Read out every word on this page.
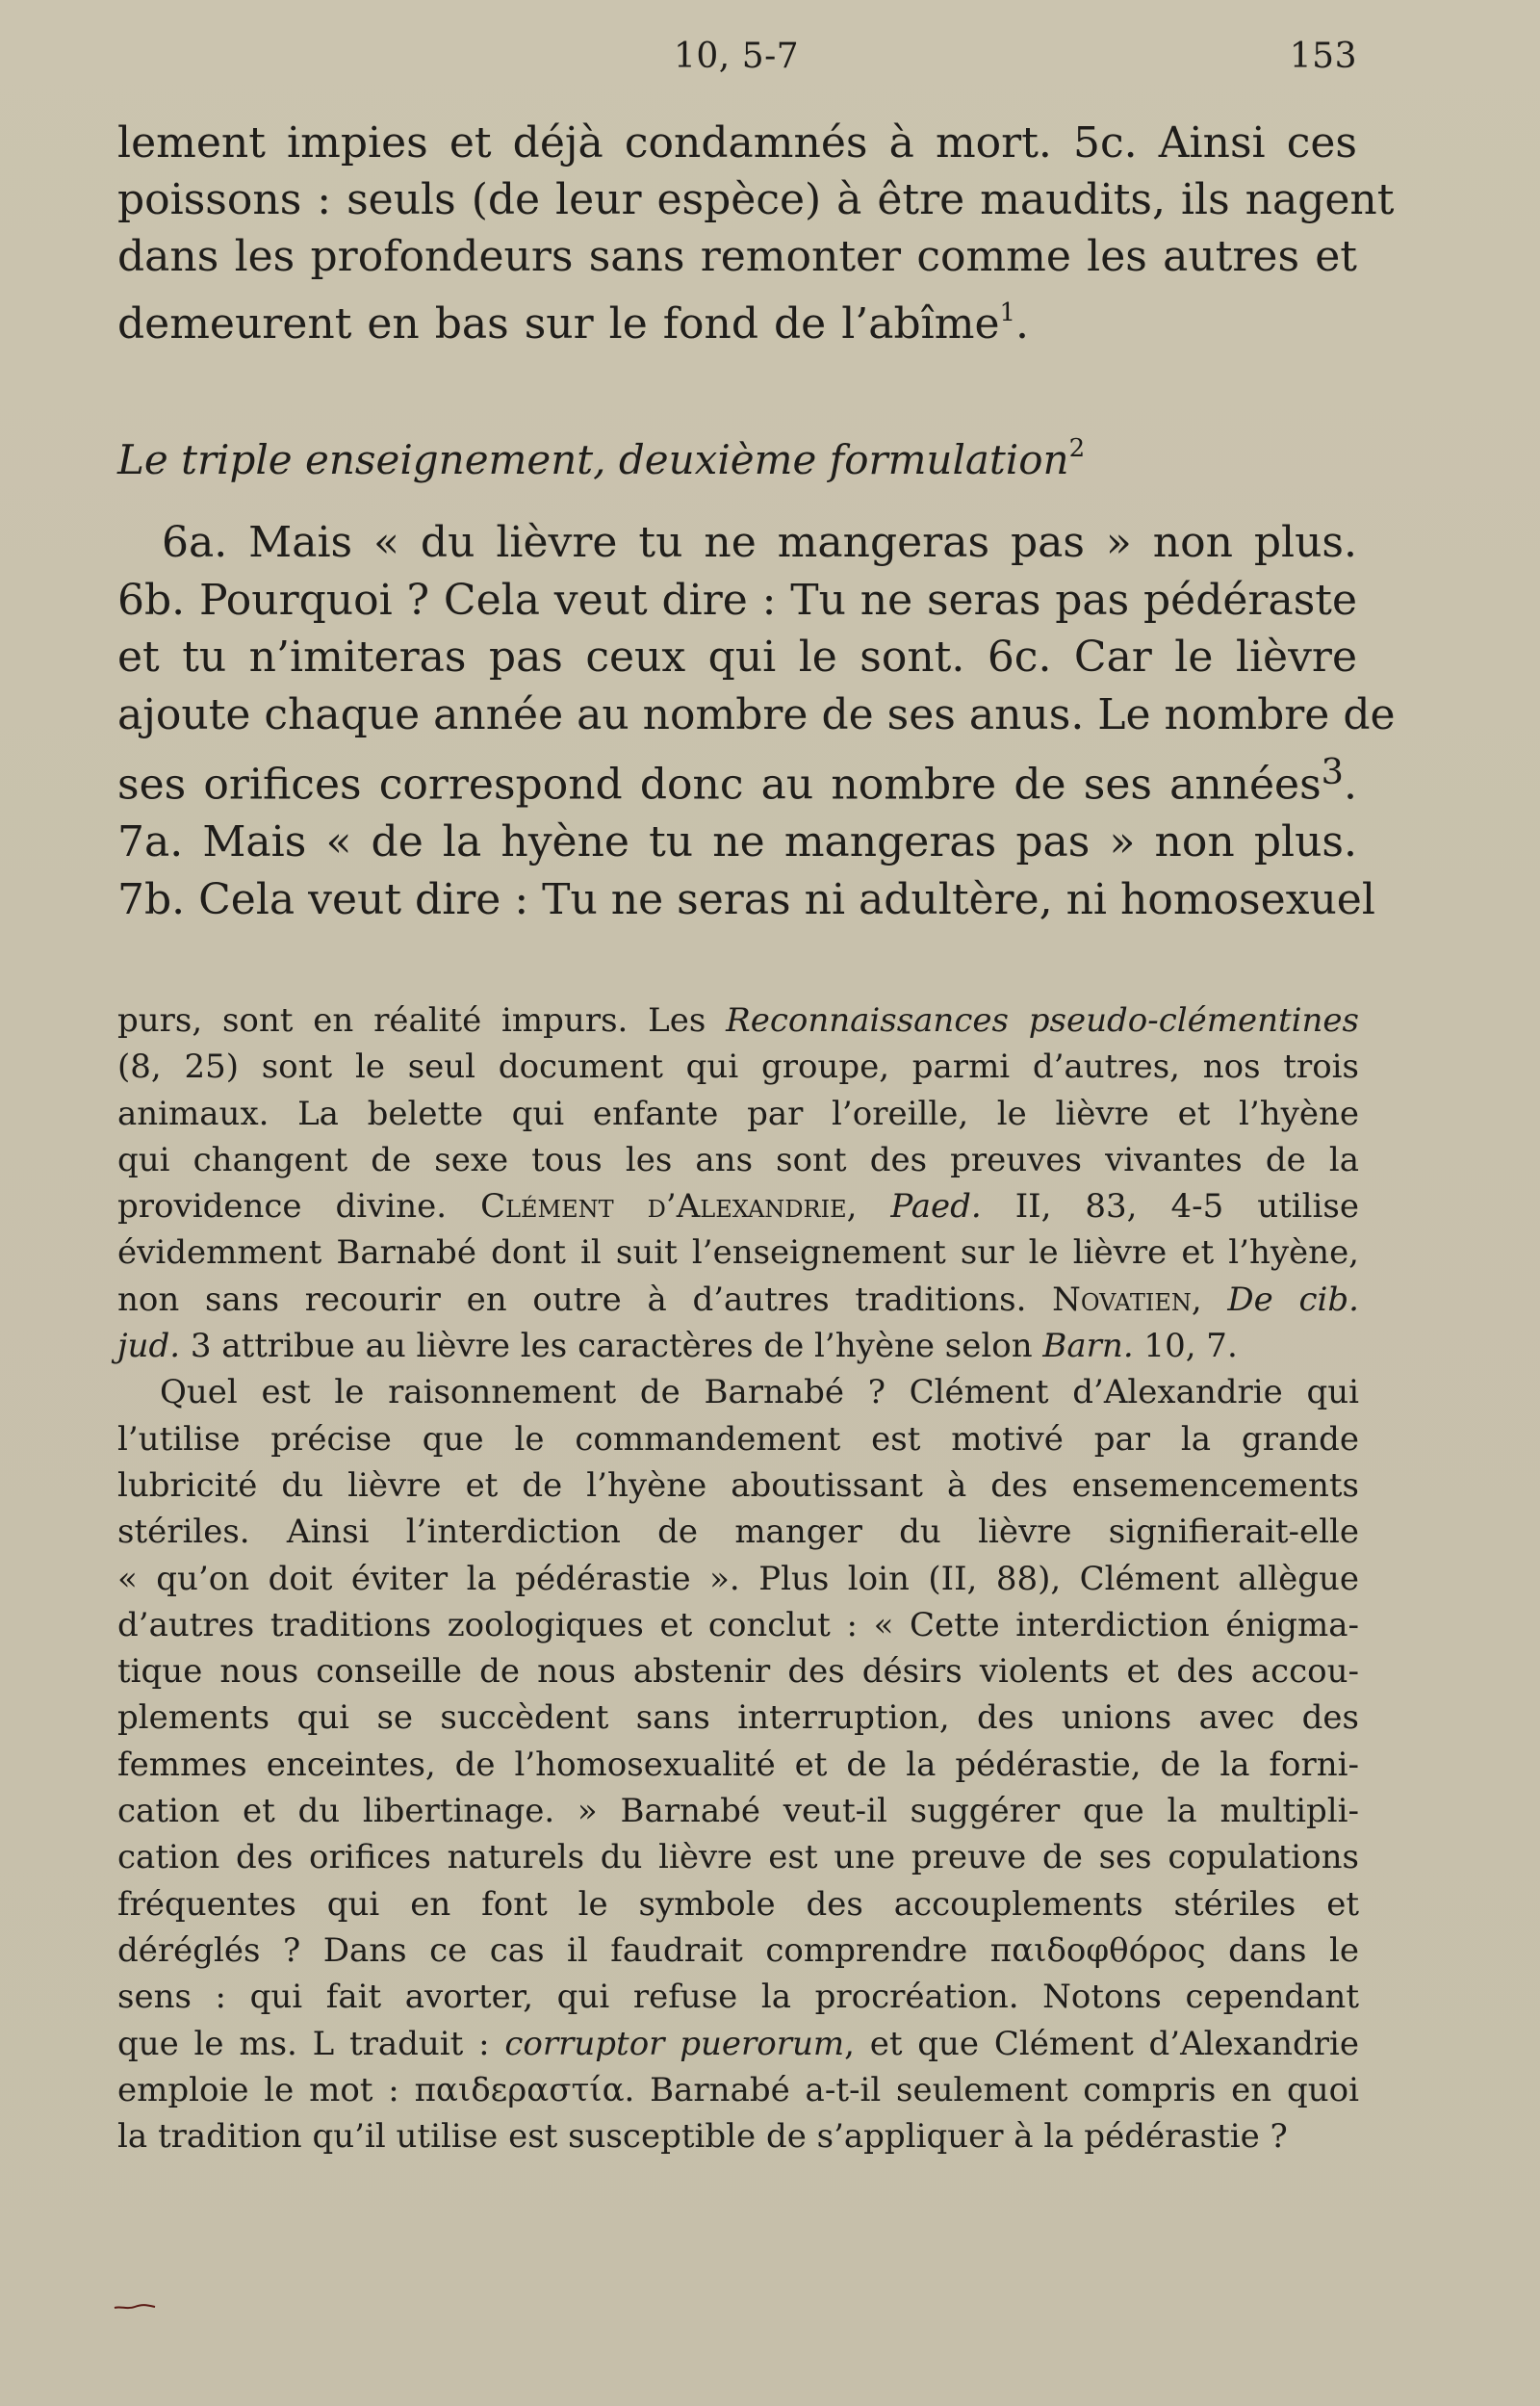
10, 5-7	153
lement impies et déjà condamnés à mort. 5c. Ainsi ces
poissons : seuls (de leur espèce) à être maudits, ils nagent
dans les profondeurs sans remonter comme les autres et
demeurent en bas sur le fond de l’abîme$^1$.
Le triple enseignement, deuxième formulation$^2$
6a. Mais « du lièvre tu ne mangeras pas » non plus.
6b. Pourquoi ? Cela veut dire : Tu ne seras pas pédéraste
et tu n’imiteras pas ceux qui le sont. 6c. Car le lièvre
ajoute chaque année au nombre de ses anus. Le nombre de
ses orifices correspond donc au nombre de ses années$^3$.
7a. Mais « de la hyène tu ne mangeras pas » non plus.
7b. Cela veut dire : Tu ne seras ni adultère, ni homosexuel
purs, sont en réalité impurs. Les Reconnaissances pseudo-clémentines
(8, 25) sont le seul document qui groupe, parmi d’autres, nos trois
animaux. La belette qui enfante par l’oreille, le lièvre et l’hyène
qui changent de sexe tous les ans sont des preuves vivantes de la
providence divine. Clément d’Alexandrie, Paed. II, 83, 4-5 utilise
évidemment Barnabé dont il suit l’enseignement sur le lièvre et l’hyène,
non sans recourir en outre à d’autres traditions. Novatien, De cib.
jud. 3 attribue au lièvre les caractères de l’hyène selon Barn. 10, 7.
Quel est le raisonnement de Barnabé ? Clément d’Alexandrie qui
l’utilise précise que le commandement est motivé par la grande
lubricité du lièvre et de l’hyène aboutissant à des ensemencements
stériles. Ainsi l’interdiction de manger du lièvre signifierait-elle
« qu’on doit éviter la pédérastie ». Plus loin (II, 88), Clément allègue
d’autres traditions zoologiques et conclut : « Cette interdiction énigma-
tique nous conseille de nous abstenir des désirs violents et des accou-
plements qui se succèdent sans interruption, des unions avec des
femmes enceintes, de l’homosexualité et de la pédérastie, de la forni-
cation et du libertinage. » Barnabé veut-il suggérer que la multipli-
cation des orifices naturels du lièvre est une preuve de ses copulations
fréquentes qui en font le symbole des accouplements stériles et
déréglés ? Dans ce cas il faudrait comprendre παιδοφθόρος dans le
sens : qui fait avorter, qui refuse la procréation. Notons cependant
que le ms. L traduit : corruptor puerorum, et que Clément d’Alexandrie
emploie le mot : παιδεραστία. Barnabé a-t-il seulement compris en quoi
la tradition qu’il utilise est susceptible de s’appliquer à la pédérastie ?
